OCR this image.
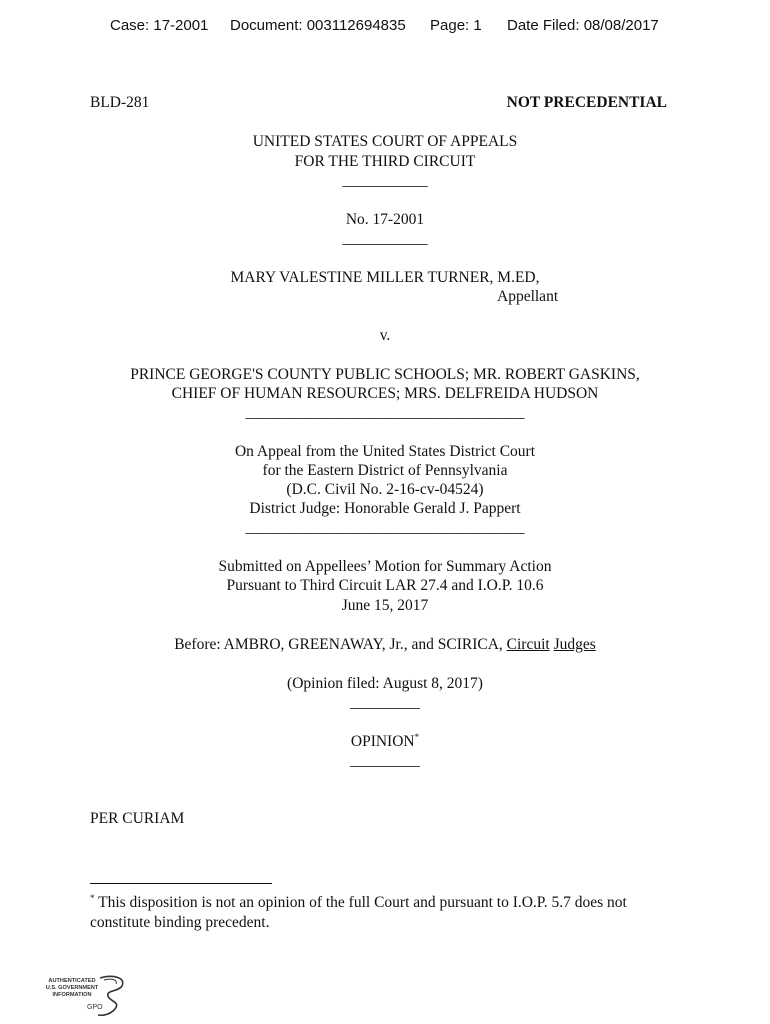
Case: 17-2001 Document: 003112694835 Page: 1 Date Filed: 08/08/2017
BLD-281	NOT PRECEDENTIAL
UNITED STATES COURT OF APPEALS
FOR THE THIRD CIRCUIT
___________
No. 17-2001
___________
MARY VALESTINE MILLER TURNER, M.ED,
Appellant
v.
PRINCE GEORGE'S COUNTY PUBLIC SCHOOLS; MR. ROBERT GASKINS,
CHIEF OF HUMAN RESOURCES; MRS. DELFREIDA HUDSON
____________________________________
On Appeal from the United States District Court
for the Eastern District of Pennsylvania
(D.C. Civil No. 2-16-cv-04524)
District Judge: Honorable Gerald J. Pappert
____________________________________
Submitted on Appellees’ Motion for Summary Action
Pursuant to Third Circuit LAR 27.4 and I.O.P. 10.6
June 15, 2017
Before: AMBRO, GREENAWAY, Jr., and SCIRICA, Circuit Judges
(Opinion filed: August 8, 2017)
_________
OPINION*
_________
PER CURIAM
* This disposition is not an opinion of the full Court and pursuant to I.O.P. 5.7 does not
constitute binding precedent.
AUTHENTICATED
U.S. GOVERNMENT
INFORMATION
GPO
